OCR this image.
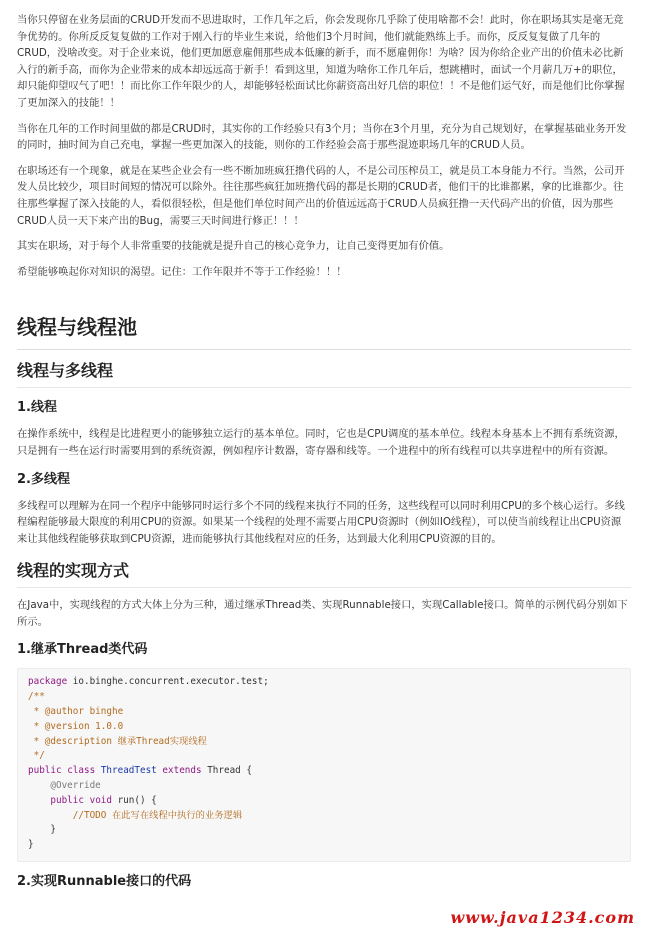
当你只停留在业务层面的CRUD开发而不思进取时，工作几年之后，你会发现你几乎除了使用啥都不会！此时，你在职场其实是毫无竞争优势的。你所反反复复做的工作对于刚入行的毕业生来说，给他们3个月时间，他们就能熟练上手。而你，反反复复做了几年的CRUD，没啥改变。对于企业来说，他们更加愿意雇佣那些成本低廉的新手，而不愿雇佣你！为啥？因为你给企业产出的价值未必比新入行的新手高，而你为企业带来的成本却远远高于新手！看到这里，知道为啥你工作几年后，想跳槽时，面试一个月薪几万+的职位，却只能仰望叹气了吧！！而比你工作年限少的人，却能够轻松面试比你薪资高出好几倍的职位！！不是他们运气好，而是他们比你掌握了更加深入的技能！！

当你在几年的工作时间里做的都是CRUD时，其实你的工作经验只有3个月；当你在3个月里，充分为自己规划好，在掌握基础业务开发的同时，抽时间为自己充电，掌握一些更加深入的技能，则你的工作经验会高于那些混迹职场几年的CRUD人员。

在职场还有一个现象，就是在某些企业会有一些不断加班疯狂撸代码的人，不是公司压榨员工，就是员工本身能力不行。当然，公司开发人员比较少，项目时间短的情况可以除外。往往那些疯狂加班撸代码的都是长期的CRUD者，他们干的比谁都累，拿的比谁都少。往往那些掌握了深入技能的人，看似很轻松，但是他们单位时间产出的价值远远高于CRUD人员疯狂撸一天代码产出的价值，因为那些CRUD人员一天下来产出的Bug，需要三天时间进行修正！！！

其实在职场，对于每个人非常重要的技能就是提升自己的核心竞争力，让自己变得更加有价值。

希望能够唤起你对知识的渴望。记住：工作年限并不等于工作经验！！！

线程与线程池
线程与多线程
1.线程

在操作系统中，线程是比进程更小的能够独立运行的基本单位。同时，它也是CPU调度的基本单位。线程本身基本上不拥有系统资源，只是拥有一些在运行时需要用到的系统资源，例如程序计数器，寄存器和线等。一个进程中的所有线程可以共享进程中的所有资源。

2.多线程

多线程可以理解为在同一个程序中能够同时运行多个不同的线程来执行不同的任务，这些线程可以同时利用CPU的多个核心运行。多线程编程能够最大限度的利用CPU的资源。如果某一个线程的处理不需要占用CPU资源时（例如IO线程），可以使当前线程让出CPU资源来让其他线程能够获取到CPU资源，进而能够执行其他线程对应的任务，达到最大化利用CPU资源的目的。

线程的实现方式

在Java中，实现线程的方式大体上分为三种，通过继承Thread类、实现Runnable接口，实现Callable接口。简单的示例代码分别如下所示。

1.继承Thread类代码
package io.binghe.concurrent.executor.test;
/**
* @author binghe
* @version 1.0.0
* @description 继承Thread实现线程
*/
public class ThreadTest extends Thread {
@Override
public void run() {
//TODO 在此写在线程中执行的业务逻辑
}
}
2.实现Runnable接口的代码
www.java1234.com
